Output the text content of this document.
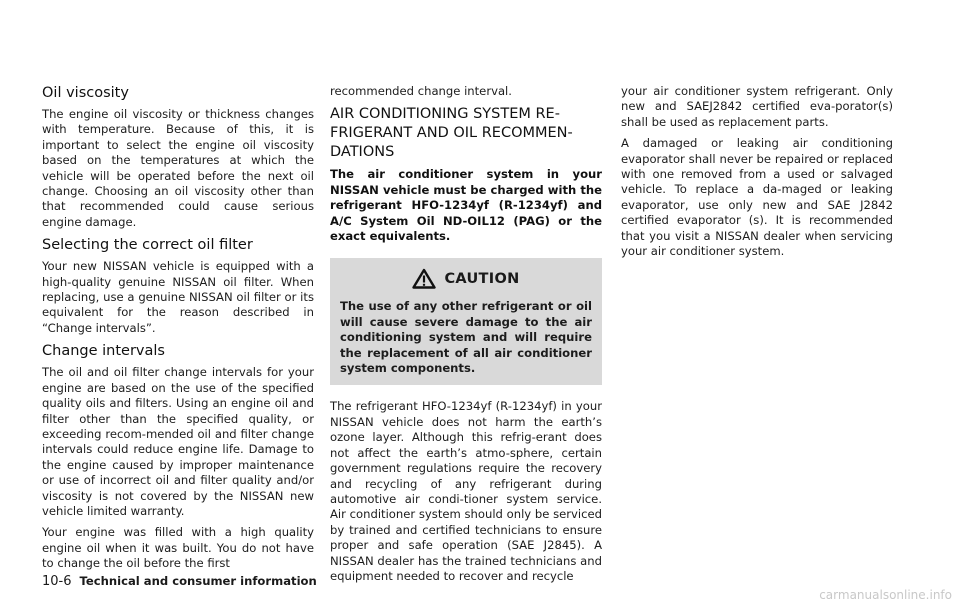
Oil viscosity

The engine oil viscosity or thickness changes with temperature. Because of this, it is important to select the engine oil viscosity based on the temperatures at which the vehicle will be operated before the next oil change. Choosing an oil viscosity other than that recommended could cause serious engine damage.

Selecting the correct oil filter

Your new NISSAN vehicle is equipped with a high-quality genuine NISSAN oil filter. When replacing, use a genuine NISSAN oil filter or its equivalent for the reason described in “Change intervals”.

Change intervals

The oil and oil filter change intervals for your engine are based on the use of the specified quality oils and filters. Using an engine oil and filter other than the specified quality, or exceeding recom-mended oil and filter change intervals could reduce engine life. Damage to the engine caused by improper maintenance or use of incorrect oil and filter quality and/or viscosity is not covered by the NISSAN new vehicle limited warranty.

Your engine was filled with a high quality engine oil when it was built. You do not have to change the oil before the first

recommended change interval.

AIR CONDITIONING SYSTEM RE-FRIGERANT AND OIL RECOMMEN-DATIONS

The air conditioner system in your NISSAN vehicle must be charged with the refrigerant HFO-1234yf (R-1234yf) and A/C System Oil ND-OIL12 (PAG) or the exact equivalents.

CAUTION

The use of any other refrigerant or oil will cause severe damage to the air conditioning system and will require the replacement of all air conditioner system components.

The refrigerant HFO-1234yf (R-1234yf) in your NISSAN vehicle does not harm the earth’s ozone layer. Although this refrig-erant does not affect the earth’s atmo-sphere, certain government regulations require the recovery and recycling of any refrigerant during automotive air condi-tioner system service. Air conditioner system should only be serviced by trained and certified technicians to ensure proper and safe operation (SAE J2845). A NISSAN dealer has the trained technicians and equipment needed to recover and recycle

your air conditioner system refrigerant. Only new and SAEJ2842 certified eva-porator(s) shall be used as replacement parts.

A damaged or leaking air conditioning evaporator shall never be repaired or replaced with one removed from a used or salvaged vehicle. To replace a da-maged or leaking evaporator, use only new and SAE J2842 certified evaporator (s). It is recommended that you visit a NISSAN dealer when servicing your air conditioner system.

10-6 Technical and consumer information
carmanualsonline.info
